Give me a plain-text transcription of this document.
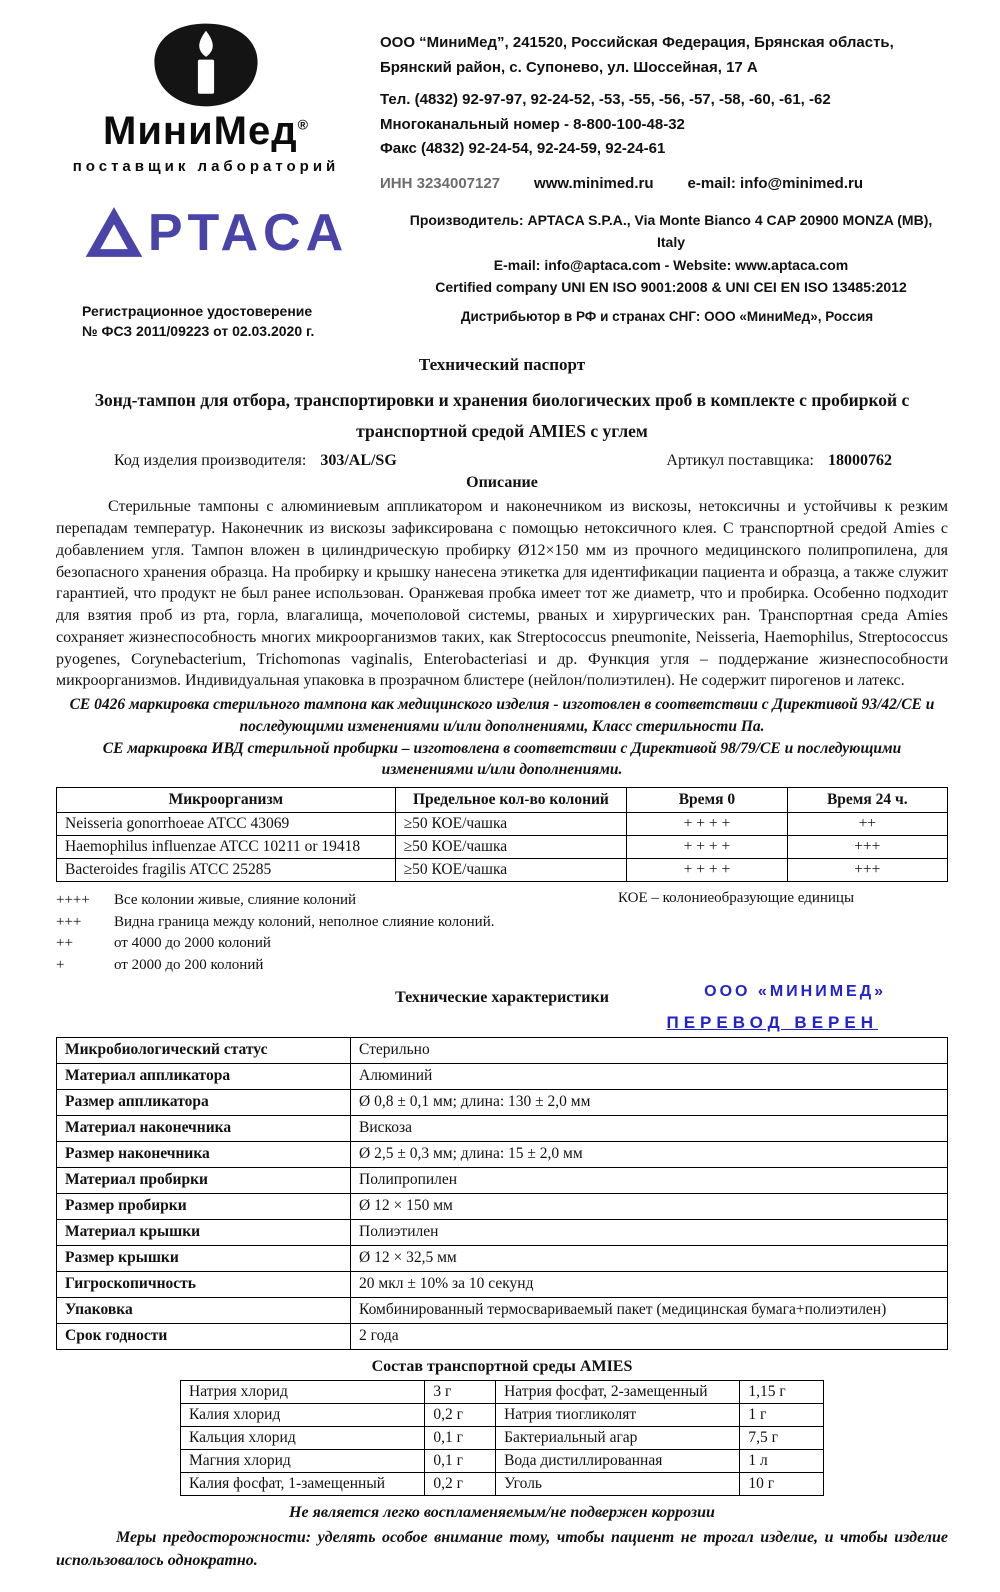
МиниМед®
поставщик лабораторий
ООО “МиниМед”, 241520, Российская Федерация, Брянская область,
Брянский район, с. Супонево, ул. Шоссейная, 17 А
Тел. (4832) 92-97-97, 92-24-52, -53, -55, -56, -57, -58, -60, -61, -62
Многоканальный номер - 8-800-100-48-32
Факс (4832) 92-24-54, 92-24-59, 92-24-61
ИНН 3234007127 www.minimed.ru e-mail: info@minimed.ru
PTACA	Производитель: APTACA S.P.A., Via Monte Bianco 4 CAP 20900 MONZA (MB), Italy
E-mail: info@aptaca.com - Website: www.aptaca.com
Certified company UNI EN ISO 9001:2008 & UNI CEI EN ISO 13485:2012
Регистрационное удостоверение
№ ФСЗ 2011/09223 от 02.03.2020 г.
Дистрибьютор в РФ и странах СНГ: ООО «МиниМед», Россия
Технический паспорт
Зонд-тампон для отбора, транспортировки и хранения биологических проб в комплекте с пробиркой с транспортной средой AMIES с углем
Код изделия производителя: 303/AL/SG	Артикул поставщика: 18000762
Описание

Стерильные тампоны с алюминиевым аппликатором и наконечником из вискозы, нетоксичны и устойчивы к резким перепадам температур. Наконечник из вискозы зафиксирована с помощью нетоксичного клея. С транспортной средой Amies с добавлением угля. Тампон вложен в цилиндрическую пробирку Ø12×150 мм из прочного медицинского полипропилена, для безопасного хранения образца. На пробирку и крышку нанесена этикетка для идентификации пациента и образца, а также служит гарантией, что продукт не был ранее использован. Оранжевая пробка имеет тот же диаметр, что и пробирка. Особенно подходит для взятия проб из рта, горла, влагалища, мочеполовой системы, рваных и хирургических ран. Транспортная среда Amies сохраняет жизнеспособность многих микроорганизмов таких, как Streptococcus pneumonite, Neisseria, Haemophilus, Streptococcus pyogenes, Corynebacterium, Trichomonas vaginalis, Enterobacteriasi и др. Функция угля – поддержание жизнеспособности микроорганизмов. Индивидуальная упаковка в прозрачном блистере (нейлон/полиэтилен). Не содержит пирогенов и латекс.

СЕ 0426 маркировка стерильного тампона как медицинского изделия - изготовлен в соответствии с Директивой 93/42/СЕ и последующими изменениями и/или дополнениями, Класс стерильности Па.

СЕ маркировка ИВД стерильной пробирки – изготовлена в соответствии с Директивой 98/79/СЕ и последующими изменениями и/или дополнениями.

Микроорганизм	Предельное кол-во колоний	Время 0	Время 24 ч.
Neisseria gonorrhoeae ATCC 43069	≥50 КОЕ/чашка	+ + + +	++
Haemophilus influenzae ATCC 10211 or 19418	≥50 КОЕ/чашка	+ + + +	+++
Bacteroides fragilis ATCC 25285	≥50 КОЕ/чашка	+ + + +	+++
++++	Все колонии живые, слияние колоний
+++	Видна граница между колоний, неполное слияние колоний.
++	от 4000 до 2000 колоний
+	от 2000 до 200 колоний
КОЕ – колониеобразующие единицы
Технические характеристики	ООО «МИНИМЕД»
ПЕРЕВОД ВЕРЕН
Микробиологический статус	Стерильно
Материал аппликатора	Алюминий
Размер аппликатора	Ø 0,8 ± 0,1 мм; длина: 130 ± 2,0 мм
Материал наконечника	Вискоза
Размер наконечника	Ø 2,5 ± 0,3 мм; длина: 15 ± 2,0 мм
Материал пробирки	Полипропилен
Размер пробирки	Ø 12 × 150 мм
Материал крышки	Полиэтилен
Размер крышки	Ø 12 × 32,5 мм
Гигроскопичность	20 мкл ± 10% за 10 секунд
Упаковка	Комбинированный термосвариваемый пакет (медицинская бумага+полиэтилен)
Срок годности	2 года
Состав транспортной среды AMIES
Натрия хлорид	3 г	Натрия фосфат, 2-замещенный	1,15 г
Калия хлорид	0,2 г	Натрия тиогликолят	1 г
Кальция хлорид	0,1 г	Бактериальный агар	7,5 г
Магния хлорид	0,1 г	Вода дистиллированная	1 л
Калия фосфат, 1-замещенный	0,2 г	Уголь	10 г

Не является легко воспламеняемым/не подвержен коррозии

Меры предосторожности: уделять особое внимание тому, чтобы пациент не трогал изделие, и чтобы изделие использовалось однократно.
